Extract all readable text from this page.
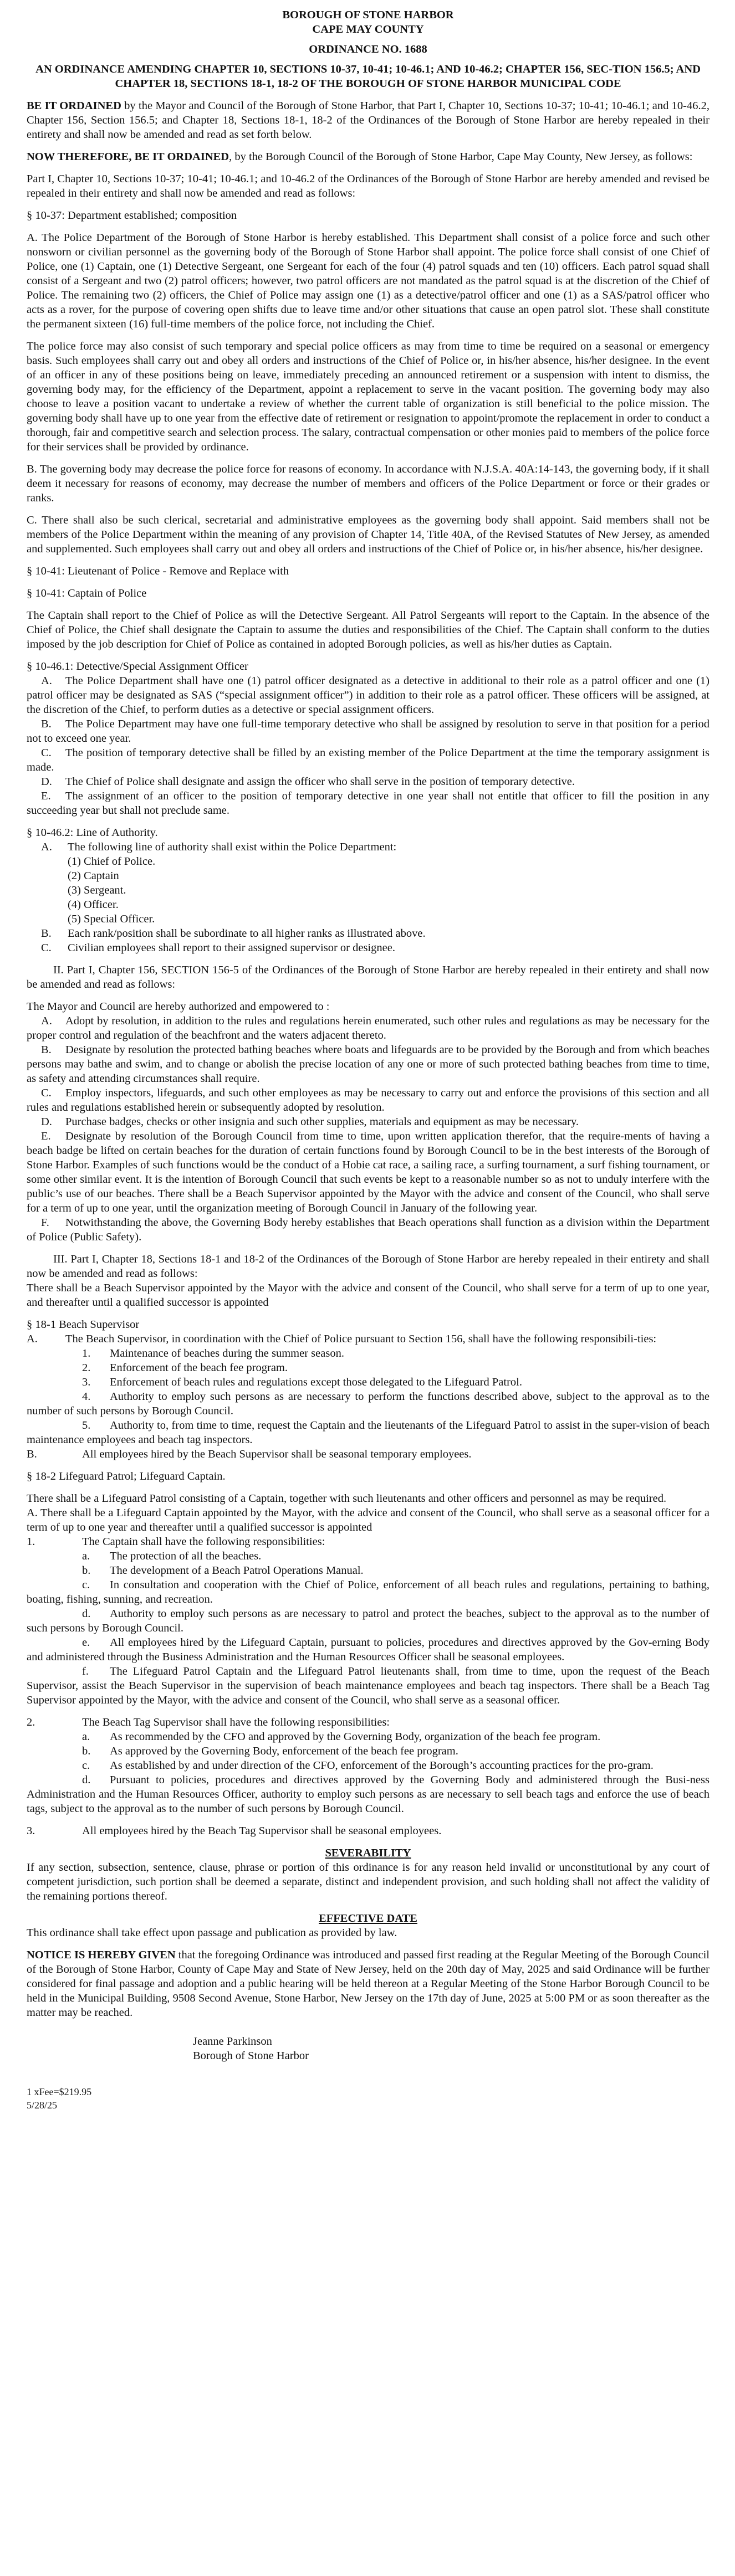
BOROUGH OF STONE HARBOR

CAPE MAY COUNTY

ORDINANCE NO. 1688

AN ORDINANCE AMENDING CHAPTER 10, SECTIONS 10-37, 10-41; 10-46.1; AND 10-46.2; CHAPTER 156, SEC-TION 156.5; AND CHAPTER 18, SECTIONS 18-1, 18-2 OF THE BOROUGH OF STONE HARBOR MUNICIPAL CODE

BE IT ORDAINED by the Mayor and Council of the Borough of Stone Harbor, that Part I, Chapter 10, Sections 10-37; 10-41; 10-46.1; and 10-46.2, Chapter 156, Section 156.5; and Chapter 18, Sections 18-1, 18-2 of the Ordinances of the Borough of Stone Harbor are hereby repealed in their entirety and shall now be amended and read as set forth below.

NOW THEREFORE, BE IT ORDAINED, by the Borough Council of the Borough of Stone Harbor, Cape May County, New Jersey, as follows:

Part I, Chapter 10, Sections 10-37; 10-41; 10-46.1; and 10-46.2 of the Ordinances of the Borough of Stone Harbor are hereby amended and revised be repealed in their entirety and shall now be amended and read as follows:

§ 10-37: Department established; composition

A. The Police Department of the Borough of Stone Harbor is hereby established. This Department shall consist of a police force and such other nonsworn or civilian personnel as the governing body of the Borough of Stone Harbor shall appoint. The police force shall consist of one Chief of Police, one (1) Captain, one (1) Detective Sergeant, one Sergeant for each of the four (4) patrol squads and ten (10) officers. Each patrol squad shall consist of a Sergeant and two (2) patrol officers; however, two patrol officers are not mandated as the patrol squad is at the discretion of the Chief of Police. The remaining two (2) officers, the Chief of Police may assign one (1) as a detective/patrol officer and one (1) as a SAS/patrol officer who acts as a rover, for the purpose of covering open shifts due to leave time and/or other situations that cause an open patrol slot. These shall constitute the permanent sixteen (16) full-time members of the police force, not including the Chief.

The police force may also consist of such temporary and special police officers as may from time to time be required on a seasonal or emergency basis. Such employees shall carry out and obey all orders and instructions of the Chief of Police or, in his/her absence, his/her designee. In the event of an officer in any of these positions being on leave, immediately preceding an announced retirement or a suspension with intent to dismiss, the governing body may, for the efficiency of the Department, appoint a replacement to serve in the vacant position. The governing body may also choose to leave a position vacant to undertake a review of whether the current table of organization is still beneficial to the police mission. The governing body shall have up to one year from the effective date of retirement or resignation to appoint/promote the replacement in order to conduct a thorough, fair and competitive search and selection process. The salary, contractual compensation or other monies paid to members of the police force for their services shall be provided by ordinance.

B. The governing body may decrease the police force for reasons of economy. In accordance with N.J.S.A. 40A:14-143, the governing body, if it shall deem it necessary for reasons of economy, may decrease the number of members and officers of the Police Department or force or their grades or ranks.

C. There shall also be such clerical, secretarial and administrative employees as the governing body shall appoint. Said members shall not be members of the Police Department within the meaning of any provision of Chapter 14, Title 40A, of the Revised Statutes of New Jersey, as amended and supplemented. Such employees shall carry out and obey all orders and instructions of the Chief of Police or, in his/her absence, his/her designee.

§ 10-41: Lieutenant of Police - Remove and Replace with

§ 10-41: Captain of Police

The Captain shall report to the Chief of Police as will the Detective Sergeant. All Patrol Sergeants will report to the Captain. In the absence of the Chief of Police, the Chief shall designate the Captain to assume the duties and responsibilities of the Chief. The Captain shall conform to the duties imposed by the job description for Chief of Police as contained in adopted Borough policies, as well as his/her duties as Captain.

§ 10-46.1: Detective/Special Assignment Officer

A. The Police Department shall have one (1) patrol officer designated as a detective in additional to their role as a patrol officer and one (1) patrol officer may be designated as SAS (“special assignment officer”) in addition to their role as a patrol officer. These officers will be assigned, at the discretion of the Chief, to perform duties as a detective or special assignment officers.

B. The Police Department may have one full-time temporary detective who shall be assigned by resolution to serve in that position for a period not to exceed one year.

C. The position of temporary detective shall be filled by an existing member of the Police Department at the time the temporary assignment is made.

D. The Chief of Police shall designate and assign the officer who shall serve in the position of temporary detective.

E. The assignment of an officer to the position of temporary detective in one year shall not entitle that officer to fill the position in any succeeding year but shall not preclude same.

§ 10-46.2: Line of Authority.

A.	The following line of authority shall exist within the Police Department:
(1) Chief of Police.
(2) Captain
(3) Sergeant.
(4) Officer.
(5) Special Officer.
B.	Each rank/position shall be subordinate to all higher ranks as illustrated above.
C.	Civilian employees shall report to their assigned supervisor or designee.

II. Part I, Chapter 156, SECTION 156-5 of the Ordinances of the Borough of Stone Harbor are hereby repealed in their entirety and shall now be amended and read as follows:

The Mayor and Council are hereby authorized and empowered to :

A. Adopt by resolution, in addition to the rules and regulations herein enumerated, such other rules and regulations as may be necessary for the proper control and regulation of the beachfront and the waters adjacent thereto.

B. Designate by resolution the protected bathing beaches where boats and lifeguards are to be provided by the Borough and from which beaches persons may bathe and swim, and to change or abolish the precise location of any one or more of such protected bathing beaches from time to time, as safety and attending circumstances shall require.

C. Employ inspectors, lifeguards, and such other employees as may be necessary to carry out and enforce the provisions of this section and all rules and regulations established herein or subsequently adopted by resolution.

D. Purchase badges, checks or other insignia and such other supplies, materials and equipment as may be necessary.

E. Designate by resolution of the Borough Council from time to time, upon written application therefor, that the require-ments of having a beach badge be lifted on certain beaches for the duration of certain functions found by Borough Council to be in the best interests of the Borough of Stone Harbor. Examples of such functions would be the conduct of a Hobie cat race, a sailing race, a surfing tournament, a surf fishing tournament, or some other similar event. It is the intention of Borough Council that such events be kept to a reasonable number so as not to unduly interfere with the public’s use of our beaches. There shall be a Beach Supervisor appointed by the Mayor with the advice and consent of the Council, who shall serve for a term of up to one year, until the organization meeting of Borough Council in January of the following year.

F. Notwithstanding the above, the Governing Body hereby establishes that Beach operations shall function as a division within the Department of Police (Public Safety).

III. Part I, Chapter 18, Sections 18-1 and 18-2 of the Ordinances of the Borough of Stone Harbor are hereby repealed in their entirety and shall now be amended and read as follows:

There shall be a Beach Supervisor appointed by the Mayor with the advice and consent of the Council, who shall serve for a term of up to one year, and thereafter until a qualified successor is appointed

§ 18-1 Beach Supervisor

A. The Beach Supervisor, in coordination with the Chief of Police pursuant to Section 156, shall have the following responsibili-ties:

1. Maintenance of beaches during the summer season.

2. Enforcement of the beach fee program.

3. Enforcement of beach rules and regulations except those delegated to the Lifeguard Patrol.

4. Authority to employ such persons as are necessary to perform the functions described above, subject to the approval as to the number of such persons by Borough Council.

5. Authority to, from time to time, request the Captain and the lieutenants of the Lifeguard Patrol to assist in the super-vision of beach maintenance employees and beach tag inspectors.

B.	All employees hired by the Beach Supervisor shall be seasonal temporary employees.

§ 18-2 Lifeguard Patrol; Lifeguard Captain.

There shall be a Lifeguard Patrol consisting of a Captain, together with such lieutenants and other officers and personnel as may be required.

A. There shall be a Lifeguard Captain appointed by the Mayor, with the advice and consent of the Council, who shall serve as a seasonal officer for a term of up to one year and thereafter until a qualified successor is appointed

1.	The Captain shall have the following responsibilities:

a. The protection of all the beaches.

b. The development of a Beach Patrol Operations Manual.

c. In consultation and cooperation with the Chief of Police, enforcement of all beach rules and regulations, pertaining to bathing, boating, fishing, sunning, and recreation.

d. Authority to employ such persons as are necessary to patrol and protect the beaches, subject to the approval as to the number of such persons by Borough Council.

e. All employees hired by the Lifeguard Captain, pursuant to policies, procedures and directives approved by the Gov-erning Body and administered through the Business Administration and the Human Resources Officer shall be seasonal employees.

f. The Lifeguard Patrol Captain and the Lifeguard Patrol lieutenants shall, from time to time, upon the request of the Beach Supervisor, assist the Beach Supervisor in the supervision of beach maintenance employees and beach tag inspectors. There shall be a Beach Tag Supervisor appointed by the Mayor, with the advice and consent of the Council, who shall serve as a seasonal officer.

2.	The Beach Tag Supervisor shall have the following responsibilities:

a. As recommended by the CFO and approved by the Governing Body, organization of the beach fee program.

b. As approved by the Governing Body, enforcement of the beach fee program.

c. As established by and under direction of the CFO, enforcement of the Borough’s accounting practices for the pro-gram.

d. Pursuant to policies, procedures and directives approved by the Governing Body and administered through the Busi-ness Administration and the Human Resources Officer, authority to employ such persons as are necessary to sell beach tags and enforce the use of beach tags, subject to the approval as to the number of such persons by Borough Council.

3.	All employees hired by the Beach Tag Supervisor shall be seasonal employees.

SEVERABILITY

If any section, subsection, sentence, clause, phrase or portion of this ordinance is for any reason held invalid or unconstitutional by any court of competent jurisdiction, such portion shall be deemed a separate, distinct and independent provision, and such holding shall not affect the validity of the remaining portions thereof.

EFFECTIVE DATE

This ordinance shall take effect upon passage and publication as provided by law.

NOTICE IS HEREBY GIVEN that the foregoing Ordinance was introduced and passed first reading at the Regular Meeting of the Borough Council of the Borough of Stone Harbor, County of Cape May and State of New Jersey, held on the 20th day of May, 2025 and said Ordinance will be further considered for final passage and adoption and a public hearing will be held thereon at a Regular Meeting of the Stone Harbor Borough Council to be held in the Municipal Building, 9508 Second Avenue, Stone Harbor, New Jersey on the 17th day of June, 2025 at 5:00 PM or as soon thereafter as the matter may be reached.

Jeanne Parkinson
Borough of Stone Harbor
1 xFee=$219.95
5/28/25
